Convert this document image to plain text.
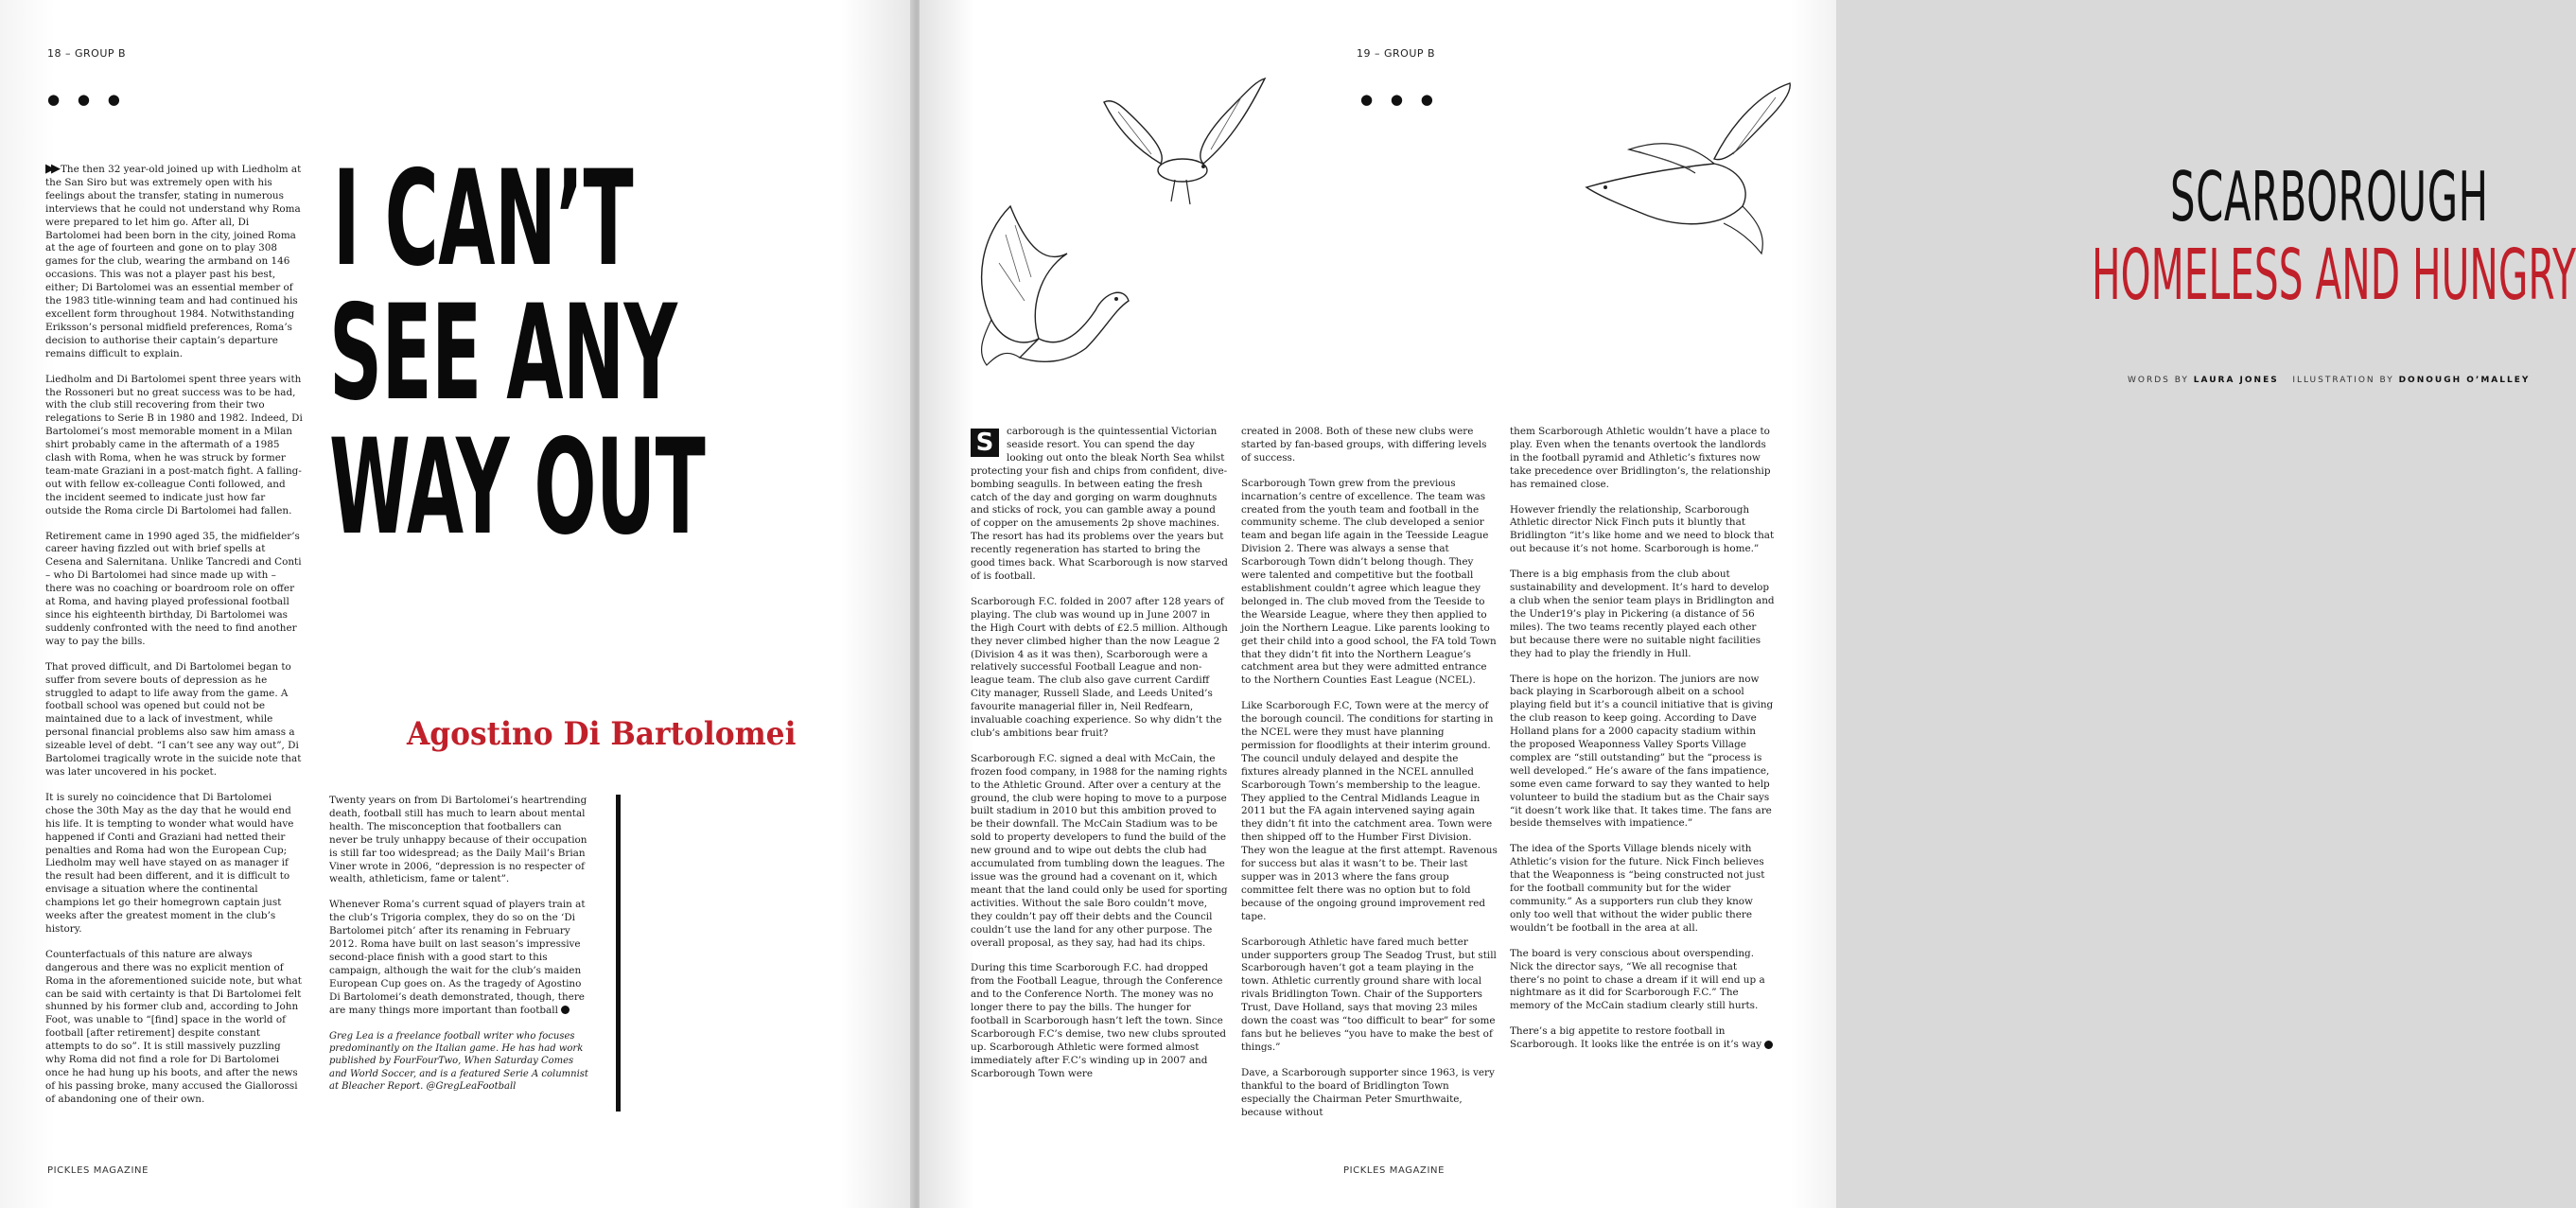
18 – GROUP B
● ● ●

▶▶ The then 32 year-old joined up with Liedholm at the San Siro but was extremely open with his feelings about the transfer, stating in numerous interviews that he could not understand why Roma were prepared to let him go. After all, Di Bartolomei had been born in the city, joined Roma at the age of fourteen and gone on to play 308 games for the club, wearing the armband on 146 occasions. This was not a player past his best, either; Di Bartolomei was an essential member of the 1983 title-winning team and had continued his excellent form throughout 1984. Notwithstanding Eriksson’s personal midfield preferences, Roma’s decision to authorise their captain’s departure remains difficult to explain.

Liedholm and Di Bartolomei spent three years with the Rossoneri but no great success was to be had, with the club still recovering from their two relegations to Serie B in 1980 and 1982. Indeed, Di Bartolomei’s most memorable moment in a Milan shirt probably came in the aftermath of a 1985 clash with Roma, when he was struck by former team-mate Graziani in a post-match fight. A falling-out with fellow ex-colleague Conti followed, and the incident seemed to indicate just how far outside the Roma circle Di Bartolomei had fallen.

Retirement came in 1990 aged 35, the midfielder’s career having fizzled out with brief spells at Cesena and Salernitana. Unlike Tancredi and Conti – who Di Bartolomei had since made up with – there was no coaching or boardroom role on offer at Roma, and having played professional football since his eighteenth birthday, Di Bartolomei was suddenly confronted with the need to find another way to pay the bills.

That proved difficult, and Di Bartolomei began to suffer from severe bouts of depression as he struggled to adapt to life away from the game. A football school was opened but could not be maintained due to a lack of investment, while personal financial problems also saw him amass a sizeable level of debt. “I can’t see any way out”, Di Bartolomei tragically wrote in the suicide note that was later uncovered in his pocket.

It is surely no coincidence that Di Bartolomei chose the 30th May as the day that he would end his life. It is tempting to wonder what would have happened if Conti and Graziani had netted their penalties and Roma had won the European Cup; Liedholm may well have stayed on as manager if the result had been different, and it is difficult to envisage a situation where the continental champions let go their homegrown captain just weeks after the greatest moment in the club’s history.

Counterfactuals of this nature are always dangerous and there was no explicit mention of Roma in the aforementioned suicide note, but what can be said with certainty is that Di Bartolomei felt shunned by his former club and, according to John Foot, was unable to “[find] space in the world of football [after retirement] despite constant attempts to do so”. It is still massively puzzling why Roma did not find a role for Di Bartolomei once he had hung up his boots, and after the news of his passing broke, many accused the Giallorossi of abandoning one of their own.

I CAN’T
SEE ANY
WAY OUT
Agostino Di Bartolomei

Twenty years on from Di Bartolomei’s heartrending death, football still has much to learn about mental health. The misconception that footballers can never be truly unhappy because of their occupation is still far too widespread; as the Daily Mail’s Brian Viner wrote in 2006, “depression is no respecter of wealth, athleticism, fame or talent”.

Whenever Roma’s current squad of players train at the club’s Trigoria complex, they do so on the ‘Di Bartolomei pitch’ after its renaming in February 2012. Roma have built on last season’s impressive second-place finish with a good start to this campaign, although the wait for the club’s maiden European Cup goes on. As the tragedy of Agostino Di Bartolomei’s death demonstrated, though, there are many things more important than football

Greg Lea is a freelance football writer who focuses predominantly on the Italian game. He has had work published by FourFourTwo, When Saturday Comes and World Soccer, and is a featured Serie A columnist at Bleacher Report. @GregLeaFootball

PICKLES MAGAZINE
19 – GROUP B
● ● ●
SCARBOROUGH
HOMELESS AND HUNGRY
WORDS BY LAURA JONES ILLUSTRATION BY DONOUGH O’MALLEY

S	carborough is the quintessential Victorian seaside resort. You can spend the day looking out onto the bleak North Sea whilst protecting your fish and chips from confident, dive-bombing seagulls. In between eating the fresh catch of the day and gorging on warm doughnuts and sticks of rock, you can gamble away a pound of copper on the amusements 2p shove machines. The resort has had its problems over the years but recently regeneration has started to bring the good times back. What Scarborough is now starved of is football.

Scarborough F.C. folded in 2007 after 128 years of playing. The club was wound up in June 2007 in the High Court with debts of £2.5 million. Although they never climbed higher than the now League 2 (Division 4 as it was then), Scarborough were a relatively successful Football League and non-league team. The club also gave current Cardiff City manager, Russell Slade, and Leeds United’s favourite managerial filler in, Neil Redfearn, invaluable coaching experience. So why didn’t the club’s ambitions bear fruit?

Scarborough F.C. signed a deal with McCain, the frozen food company, in 1988 for the naming rights to the Athletic Ground. After over a century at the ground, the club were hoping to move to a purpose built stadium in 2010 but this ambition proved to be their downfall. The McCain Stadium was to be sold to property developers to fund the build of the new ground and to wipe out debts the club had accumulated from tumbling down the leagues. The issue was the ground had a covenant on it, which meant that the land could only be used for sporting activities. Without the sale Boro couldn’t move, they couldn’t pay off their debts and the Council couldn’t use the land for any other purpose. The overall proposal, as they say, had had its chips.

During this time Scarborough F.C. had dropped from the Football League, through the Conference and to the Conference North. The money was no longer there to pay the bills. The hunger for football in Scarborough hasn’t left the town. Since Scarborough F.C’s demise, two new clubs sprouted up. Scarborough Athletic were formed almost immediately after F.C’s winding up in 2007 and Scarborough Town were

created in 2008. Both of these new clubs were started by fan-based groups, with differing levels of success.

Scarborough Town grew from the previous incarnation’s centre of excellence. The team was created from the youth team and football in the community scheme. The club developed a senior team and began life again in the Teesside League Division 2. There was always a sense that Scarborough Town didn’t belong though. They were talented and competitive but the football establishment couldn’t agree which league they belonged in. The club moved from the Teeside to the Wearside League, where they then applied to join the Northern League. Like parents looking to get their child into a good school, the FA told Town that they didn’t fit into the Northern League’s catchment area but they were admitted entrance to the Northern Counties East League (NCEL).

Like Scarborough F.C, Town were at the mercy of the borough council. The conditions for starting in the NCEL were they must have planning permission for floodlights at their interim ground. The council unduly delayed and despite the fixtures already planned in the NCEL annulled Scarborough Town’s membership to the league. They applied to the Central Midlands League in 2011 but the FA again intervened saying again they didn’t fit into the catchment area. Town were then shipped off to the Humber First Division. They won the league at the first attempt. Ravenous for success but alas it wasn’t to be. Their last supper was in 2013 where the fans group committee felt there was no option but to fold because of the ongoing ground improvement red tape.

Scarborough Athletic have fared much better under supporters group The Seadog Trust, but still Scarborough haven’t got a team playing in the town. Athletic currently ground share with local rivals Bridlington Town. Chair of the Supporters Trust, Dave Holland, says that moving 23 miles down the coast was “too difficult to bear” for some fans but he believes “you have to make the best of things.”

Dave, a Scarborough supporter since 1963, is very thankful to the board of Bridlington Town especially the Chairman Peter Smurthwaite, because without

them Scarborough Athletic wouldn’t have a place to play. Even when the tenants overtook the landlords in the football pyramid and Athletic’s fixtures now take precedence over Bridlington’s, the relationship has remained close.

However friendly the relationship, Scarborough Athletic director Nick Finch puts it bluntly that Bridlington “it’s like home and we need to block that out because it’s not home. Scarborough is home.”

There is a big emphasis from the club about sustainability and development. It’s hard to develop a club when the senior team plays in Bridlington and the Under19’s play in Pickering (a distance of 56 miles). The two teams recently played each other but because there were no suitable night facilities they had to play the friendly in Hull.

There is hope on the horizon. The juniors are now back playing in Scarborough albeit on a school playing field but it’s a council initiative that is giving the club reason to keep going. According to Dave Holland plans for a 2000 capacity stadium within the proposed Weaponness Valley Sports Village complex are “still outstanding” but the “process is well developed.” He’s aware of the fans impatience, some even came forward to say they wanted to help volunteer to build the stadium but as the Chair says “it doesn’t work like that. It takes time. The fans are beside themselves with impatience.”

The idea of the Sports Village blends nicely with Athletic’s vision for the future. Nick Finch believes that the Weaponness is “being constructed not just for the football community but for the wider community.” As a supporters run club they know only too well that without the wider public there wouldn’t be football in the area at all.

The board is very conscious about overspending. Nick the director says, “We all recognise that there’s no point to chase a dream if it will end up a nightmare as it did for Scarborough F.C.” The memory of the McCain stadium clearly still hurts.

There’s a big appetite to restore football in Scarborough. It looks like the entrée is on it’s way

PICKLES MAGAZINE
